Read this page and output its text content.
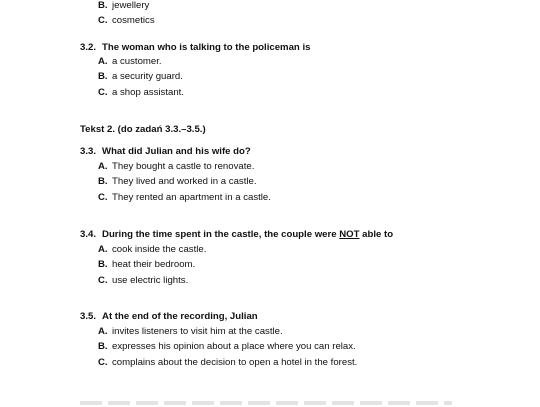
B. jewellery
C. cosmetics
3.2. The woman who is talking to the policeman is
A. a customer.
B. a security guard.
C. a shop assistant.
Tekst 2. (do zadań 3.3.–3.5.)
3.3. What did Julian and his wife do?
A. They bought a castle to renovate.
B. They lived and worked in a castle.
C. They rented an apartment in a castle.
3.4. During the time spent in the castle, the couple were NOT able to
A. cook inside the castle.
B. heat their bedroom.
C. use electric lights.
3.5. At the end of the recording, Julian
A. invites listeners to visit him at the castle.
B. expresses his opinion about a place where you can relax.
C. complains about the decision to open a hotel in the forest.
